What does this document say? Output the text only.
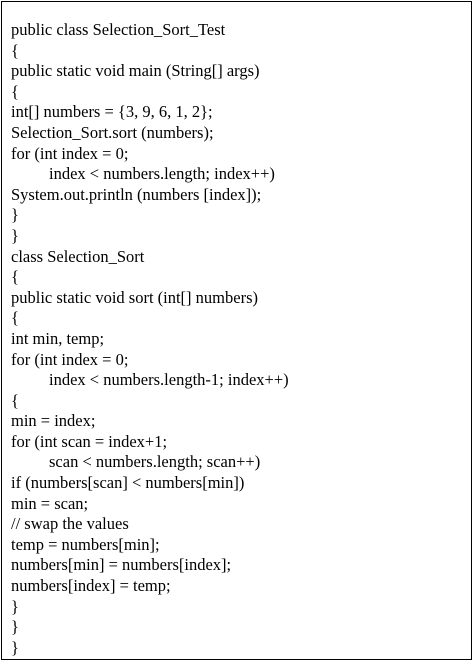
public class Selection_Sort_Test
{
public static void main (String[] args)
{
int[] numbers = {3, 9, 6, 1, 2};
Selection_Sort.sort (numbers);
for (int index = 0;
index < numbers.length; index++)
System.out.println (numbers [index]);
}
}
class Selection_Sort
{
public static void sort (int[] numbers)
{
int min, temp;
for (int index = 0;
index < numbers.length-1; index++)
{
min = index;
for (int scan = index+1;
scan < numbers.length; scan++)
if (numbers[scan] < numbers[min])
min = scan;
// swap the values
temp = numbers[min];
numbers[min] = numbers[index];
numbers[index] = temp;
}
}
}
